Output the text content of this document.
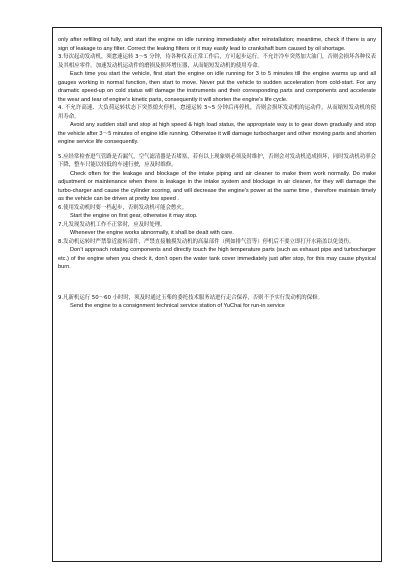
only after refilling oil fully, and start the engine on idle running immediately after reinstallation; meantime, check if there is any sign of leakage to any filter. Correct the leaking filters or it may easily lead to crankshaft burn caused by oil shortage.

3.每次起动发动机，须怠速运转 3～5 分钟，待各种仪表正常工作后，方可起步运行。不允许冷车突然加大油门，否则会损坏各种仪表及其相应零件。加速发动机运动件的磨损及损坏增压器，从而缩短发动机的使用寿命。

Each time you start the vehicle, first start the engine on idle running for 3 to 5 minutes till the engine warms up and all gauges working in normal function, then start to move. Never put the vehicle to sudden acceleration from cold-start. For any dramatic speed-up on cold status will damage the instruments and their corresponding parts and components and accelerate the wear and tear of engine’s kinetic parts, consequently it will shorten the engine’s life cycle.

4. 不允许高速、大负荷运转状态下突然熄火停机，怠速运转 3~5 分钟后再停机，否则会损坏发动机的运动件，从而缩短发动机的使用寿命。

Avoid any sudden stall and stop at high speed & high load status, the appropriate way is to gear down gradually and stop the vehicle after 3～5 minutes of engine idle running. Otherwise it will damage turbocharger and other moving parts and shorten engine service life consequently.

5.应经常检查进气管路是否漏气，空气滤清器是否堵塞，若有以上现象则必须及时维护，否则会对发动机造成损坏，同时发动机功率会下降，整车只能以较低的车速行驶，应及时维修。

Check often for the leakage and blockage of the intake piping and air cleaner to make them work normally. Do make adjustment or maintenance when there is leakage in the intake system and blockage in air cleaner, for they will damage the turbo-charger and cause the cylinder scoring, and will decrease the engine’s power at the same time , therefore maintain timely as the vehicle can be driven at pretty low speed .

6.使用发动机时要一档起步，否则发动机可能会憋火。

Start the engine on first gear, otherwise it may stop.

7.凡发现发动机工作不正常时，应及时处理。

Whenever the engine works abnormally, it shall be dealt with care.

8.发动机运转时严禁靠近旋转部件，严禁直接触摸发动机的高温部件（例如排气管等）停机后不要立即打开水箱盖以免烫伤。

Don’t approach rotating components and directly touch the high temperature parts (such as exhaust pipe and turbocharger etc.) of the engine when you check it, don’t open the water tank cover immediately just after stop, for this may cause physical burn.

9.凡新机运行 50～60 小时时，须及时通过玉柴的委托技术服务站进行走合保养，否则不予实行发动机的保修。

Send the engine to a consignment technical service station of YuChai for run-in service
